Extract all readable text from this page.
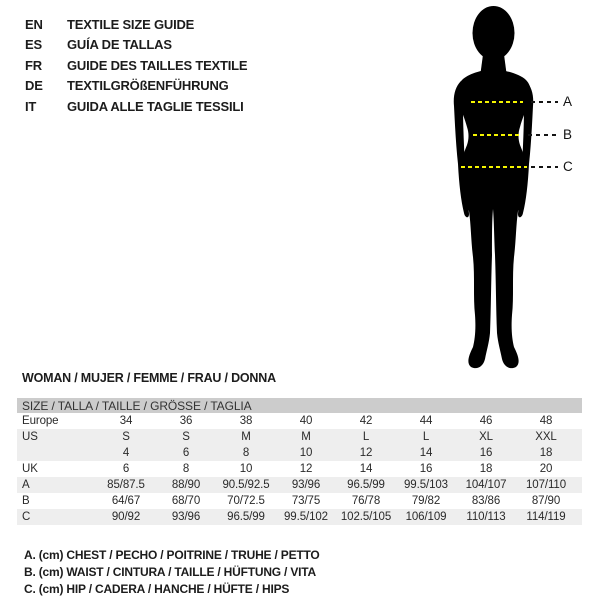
EN	TEXTILE SIZE GUIDE
ES	GUÍA DE TALLAS
FR	GUIDE DES TAILLES TEXTILE
DE	TEXTILGRÖßENFÜHRUNG
IT	GUIDA ALLE TAGLIE TESSILI	A
B
C
WOMAN / MUJER / FEMME / FRAU / DONNA
SIZE / TALLA / TAILLE / GRÖSSE / TAGLIA									
Europe	34	36	38	40	42	44	46	48	
US	S	S	M	M	L	L	XL	XXL	
	4	6	8	10	12	14	16	18	
UK	6	8	10	12	14	16	18	20	
A	85/87.5	88/90	90.5/92.5	93/96	96.5/99	99.5/103	104/107	107/110	
B	64/67	68/70	70/72.5	73/75	76/78	79/82	83/86	87/90	
C	90/92	93/96	96.5/99	99.5/102	102.5/105	106/109	110/113	114/119	
A. (cm) CHEST / PECHO / POITRINE / TRUHE / PETTO
B. (cm) WAIST / CINTURA / TAILLE / HÜFTUNG / VITA
C. (cm) HIP / CADERA / HANCHE / HÜFTE / HIPS
